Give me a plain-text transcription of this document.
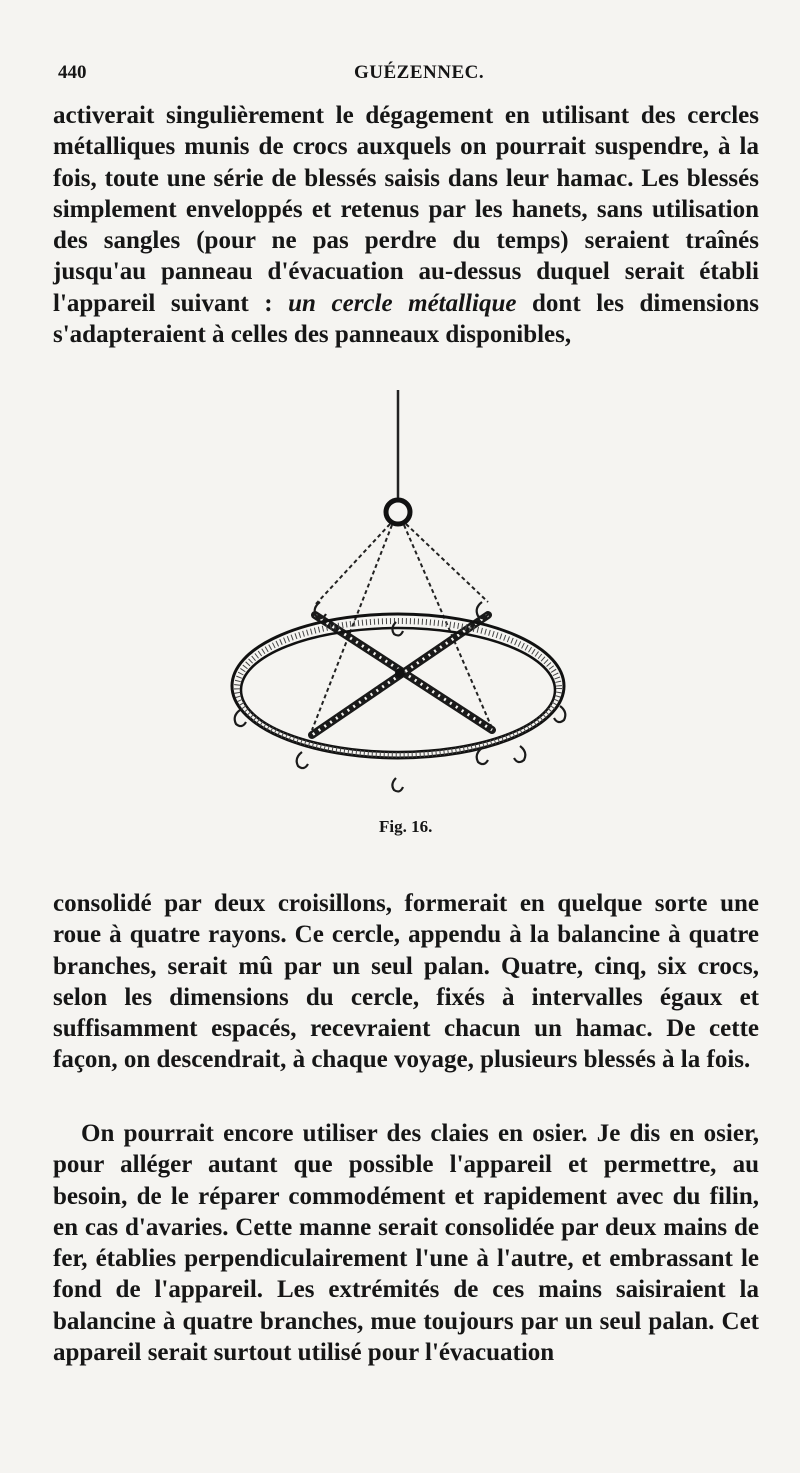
440	GUÉZENNEC.

activerait singulièrement le dégagement en utilisant des cercles métalliques munis de crocs auxquels on pourrait suspendre, à la fois, toute une série de blessés saisis dans leur hamac. Les blessés simplement enveloppés et retenus par les hanets, sans utilisation des sangles (pour ne pas perdre du temps) seraient traînés jusqu'au panneau d'évacuation au-dessus duquel serait établi l'appareil suivant : un cercle métallique dont les dimensions s'adapteraient à celles des panneaux disponibles,

Fig. 16.

consolidé par deux croisillons, formerait en quelque sorte une roue à quatre rayons. Ce cercle, appendu à la balancine à quatre branches, serait mû par un seul palan. Quatre, cinq, six crocs, selon les dimensions du cercle, fixés à intervalles égaux et suffisamment espacés, recevraient chacun un hamac. De cette façon, on descendrait, à chaque voyage, plusieurs blessés à la fois.

On pourrait encore utiliser des claies en osier. Je dis en osier, pour alléger autant que possible l'appareil et permettre, au besoin, de le réparer commodément et rapidement avec du filin, en cas d'avaries. Cette manne serait consolidée par deux mains de fer, établies perpendiculairement l'une à l'autre, et embrassant le fond de l'appareil. Les extrémités de ces mains saisiraient la balancine à quatre branches, mue toujours par un seul palan. Cet appareil serait surtout utilisé pour l'évacuation
